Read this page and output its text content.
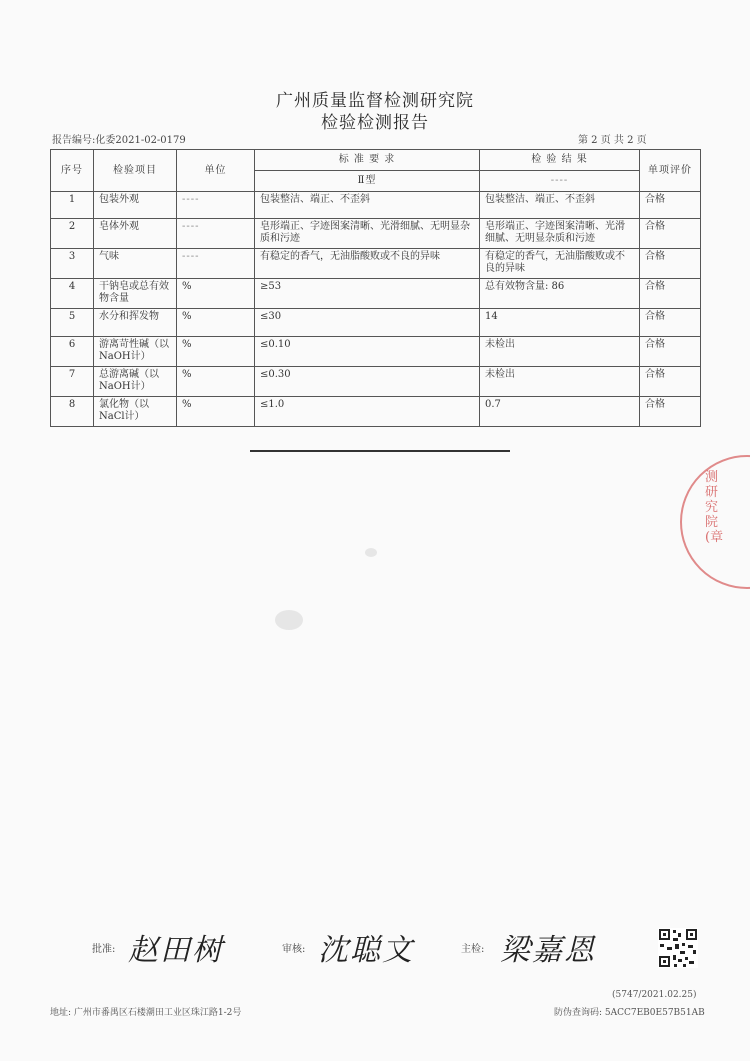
广州质量监督检测研究院
检验检测报告
报告编号:化委2021-02-0179	第 2 页 共 2 页
序号	检验项目	单位	标 准 要 求	检 验 结 果	单项评价
			Ⅱ型	----	
1	包装外观	----	包装整洁、端正、不歪斜	包装整洁、端正、不歪斜	合格
2	皂体外观	----	皂形端正、字迹图案清晰、光滑细腻、无明显杂质和污迹	皂形端正、字迹图案清晰、光滑细腻、无明显杂质和污迹	合格
3	气味	----	有稳定的香气，无油脂酸败或不良的异味	有稳定的香气，无油脂酸败或不良的异味	合格
4	干钠皂或总有效物含量	%	≥53	总有效物含量: 86	合格
5	水分和挥发物	%	≤30	14	合格
6	游离苛性碱（以NaOH计）	%	≤0.10	未检出	合格
7	总游离碱（以NaOH计）	%	≤0.30	未检出	合格
8	氯化物（以NaCl计）	%	≤1.0	0.7	合格
测研究院(章
批准: 赵田树	审核: 沈聪文	主检: 梁嘉恩
(5747/2021.02.25)
防伪查询码: 5ACC7EB0E57B51AB
地址: 广州市番禺区石楼潮田工业区珠江路1-2号
